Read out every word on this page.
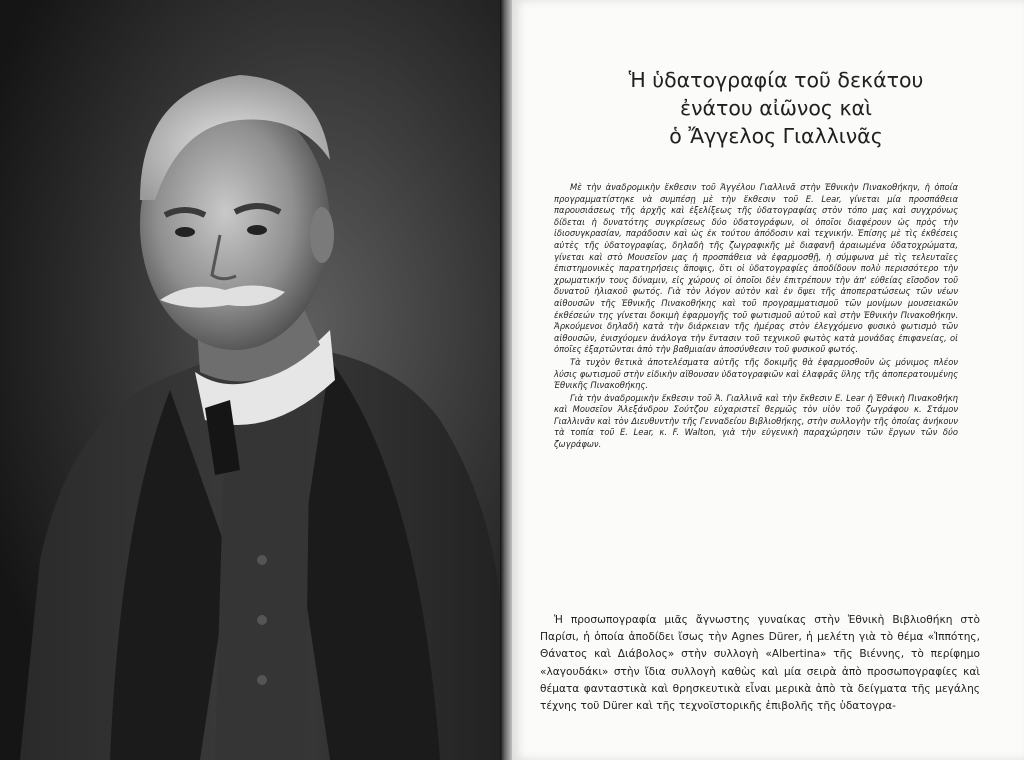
Ἡ ὑδατογραφία τοῦ δεκάτου
ἐνάτου αἰῶνος καὶ
ὁ Ἄγγελος Γιαλλινᾶς

Μὲ τὴν ἀναδρομικὴν ἔκθεσιν τοῦ Ἀγγέλου Γιαλλινᾶ στὴν Ἐθνικὴν Πινακοθήκην, ἡ ὁποία προγραμματίστηκε νὰ συμπέσῃ μὲ τὴν ἔκθεσιν τοῦ E. Lear, γίνεται μία προσπάθεια παρουσιάσεως τῆς ἀρχῆς καὶ ἐξελίξεως τῆς ὑδατογραφίας στὸν τόπο μας καὶ συγχρόνως δίδεται ἡ δυνατότης συγκρίσεως δύο ὑδατογράφων, οἱ ὁποῖοι διαφέρουν ὡς πρὸς τὴν ἰδιοσυγκρασίαν, παράδοσιν καὶ ὡς ἐκ τούτου ἀπόδοσιν καὶ τεχνικήν. Ἐπίσης μὲ τὶς ἐκθέσεις αὐτὲς τῆς ὑδατογραφίας, δηλαδὴ τῆς ζωγραφικῆς μὲ διαφανῆ ἀραιωμένα ὑδατοχρώματα, γίνεται καὶ στὸ Μουσεῖον μας ἡ προσπάθεια νὰ ἐφαρμοσθῇ, ἡ σύμφωνα μὲ τὶς τελευταῖες ἐπιστημονικὲς παρατηρήσεις ἄποψις, ὅτι οἱ ὑδατογραφίες ἀποδίδουν πολὺ περισσότερο τὴν χρωματικήν τους δύναμιν, εἰς χώρους οἱ ὁποῖοι δὲν ἐπιτρέπουν τὴν ἀπ' εὐθείας εἴσοδον τοῦ δυνατοῦ ἡλιακοῦ φωτός. Γιὰ τὸν λόγον αὐτὸν καὶ ἐν ὄψει τῆς ἀποπερατώσεως τῶν νέων αἰθουσῶν τῆς Ἐθνικῆς Πινακοθήκης καὶ τοῦ προγραμματισμοῦ τῶν μονίμων μουσειακῶν ἐκθέσεών της γίνεται δοκιμὴ ἐφαρμογῆς τοῦ φωτισμοῦ αὐτοῦ καὶ στὴν Ἐθνικὴν Πινακοθήκην. Ἀρκούμενοι δηλαδὴ κατὰ τὴν διάρκειαν τῆς ἡμέρας στὸν ἐλεγχόμενο φυσικὸ φωτισμὸ τῶν αἰθουσῶν, ἐνισχύομεν ἀνάλογα τὴν ἔντασιν τοῦ τεχνικοῦ φωτὸς κατὰ μονάδας ἐπιφανείας, οἱ ὁποῖες ἐξαρτῶνται ἀπὸ τὴν βαθμιαίαν ἀποσύνθεσιν τοῦ φυσικοῦ φωτός.

Τὰ τυχὸν θετικὰ ἀποτελέσματα αὐτῆς τῆς δοκιμῆς θὰ ἐφαρμοσθοῦν ὡς μόνιμος πλέον λύσις φωτισμοῦ στὴν εἰδικὴν αἴθουσαν ὑδατογραφιῶν καὶ ἐλαφρᾶς ὕλης τῆς ἀποπερατουμένης Ἐθνικῆς Πινακοθήκης.

Γιὰ τὴν ἀναδρομικὴν ἔκθεσιν τοῦ Ἀ. Γιαλλινᾶ καὶ τὴν ἔκθεσιν E. Lear ἡ Ἐθνικὴ Πινακοθήκη καὶ Μουσεῖον Ἀλεξάνδρου Σούτζου εὐχαριστεῖ θερμῶς τὸν υἱὸν τοῦ ζωγράφου κ. Στάμον Γιαλλινᾶν καὶ τὸν Διευθυντὴν τῆς Γενναδείου Βιβλιοθήκης, στὴν συλλογὴν τῆς ὁποίας ἀνήκουν τὰ τοπία τοῦ E. Lear, κ. F. Walton, γιὰ τὴν εὐγενικὴ παραχώρησιν τῶν ἔργων τῶν δύο ζωγράφων.

Ἡ προσωπογραφία μιᾶς ἄγνωστης γυναίκας στὴν Ἐθνικὴ Βιβλιοθήκη στὸ Παρίσι, ἡ ὁποία ἀποδίδει ἴσως τὴν Agnes Dürer, ἡ μελέτη γιὰ τὸ θέμα «Ἱππότης, Θάνατος καὶ Διάβολος» στὴν συλλογὴ «Albertina» τῆς Βιέννης, τὸ περίφημο «λαγουδάκι» στὴν ἴδια συλλογὴ καθὼς καὶ μία σειρὰ ἀπὸ προσωπογραφίες καὶ θέματα φανταστικὰ καὶ θρησκευτικὰ εἶναι μερικὰ ἀπὸ τὰ δείγματα τῆς μεγάλης τέχνης τοῦ Dürer καὶ τῆς τεχνοϊστορικῆς ἐπιβολῆς τῆς ὑδατογρα-
